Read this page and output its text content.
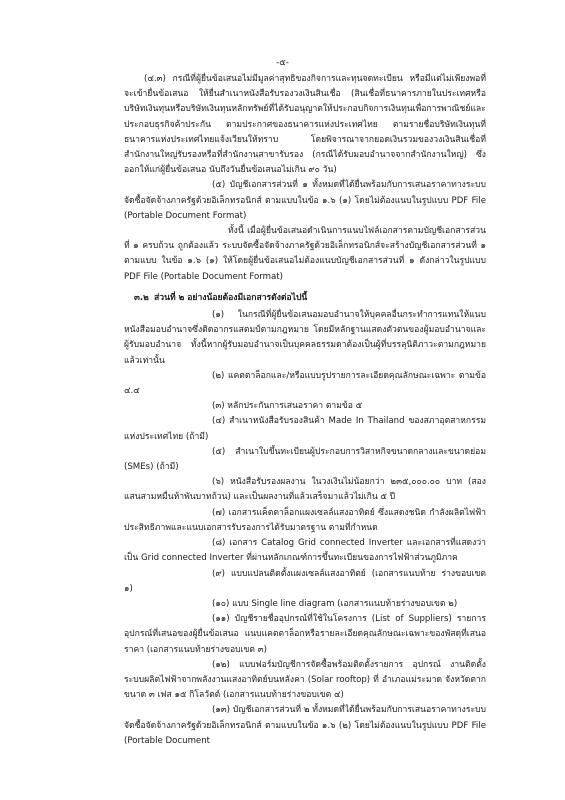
-๕-

(๔.๓) กรณีที่ผู้ยื่นข้อเสนอไม่มีมูลค่าสุทธิของกิจการและทุนจดทะเบียน หรือมีแต่ไม่เพียงพอที่จะเข้ายื่นข้อเสนอ ให้ยื่นสำเนาหนังสือรับรองวงเงินสินเชื่อ (สินเชื่อที่ธนาคารภายในประเทศหรือบริษัทเงินทุนหรือบริษัทเงินทุนหลักทรัพย์ที่ได้รับอนุญาตให้ประกอบกิจการเงินทุนเพื่อการพาณิชย์และประกอบธุรกิจค้าประกัน ตามประกาศของธนาคารแห่งประเทศไทย ตามรายชื่อบริษัทเงินทุนที่ธนาคารแห่งประเทศไทยแจ้งเวียนให้ทราบ โดยพิจารณาจากยอดเงินรวมของวงเงินสินเชื่อที่สำนักงานใหญ่รับรองหรือที่สำนักงานสาขารับรอง (กรณีได้รับมอบอำนาจจากสำนักงานใหญ่) ซึ่งออกให้แก่ผู้ยื่นข้อเสนอ นับถึงวันยื่นข้อเสนอไม่เกิน ๙๐ วัน)

(๕) บัญชีเอกสารส่วนที่ ๑ ทั้งหมดที่ได้ยื่นพร้อมกับการเสนอราคาทางระบบจัดซื้อจัดจ้างภาครัฐด้วยอิเล็กทรอนิกส์ ตามแบบในข้อ ๑.๖ (๑) โดยไม่ต้องแนบในรูปแบบ PDF File (Portable Document Format)

ทั้งนี้ เมื่อผู้ยื่นข้อเสนอดำเนินการแนบไฟล์เอกสารตามบัญชีเอกสารส่วนที่ ๑ ครบถ้วน ถูกต้องแล้ว ระบบจัดซื้อจัดจ้างภาครัฐด้วยอิเล็กทรอนิกส์จะสร้างบัญชีเอกสารส่วนที่ ๑ ตามแบบ ในข้อ ๑.๖ (๑) ให้โดยผู้ยื่นข้อเสนอไม่ต้องแนบบัญชีเอกสารส่วนที่ ๑ ดังกล่าวในรูปแบบ PDF File (Portable Document Format)

๓.๒ ส่วนที่ ๒ อย่างน้อยต้องมีเอกสารดังต่อไปนี้

(๑) ในกรณีที่ผู้ยื่นข้อเสนอมอบอำนาจให้บุคคลอื่นกระทำการแทนให้แนบหนังสือมอบอำนาจซึ่งติดอากรแสตมป์ตามกฎหมาย โดยมีหลักฐานแสดงตัวตนของผู้มอบอำนาจและผู้รับมอบอำนาจ ทั้งนี้หากผู้รับมอบอำนาจเป็นบุคคลธรรมดาต้องเป็นผู้ที่บรรลุนิติภาวะตามกฎหมายแล้วเท่านั้น

(๒) แคตตาล็อกและ/หรือแบบรูปรายการละเอียดคุณลักษณะเฉพาะ ตามข้อ ๔.๔

(๓) หลักประกันการเสนอราคา ตามข้อ ๕

(๔) สำเนาหนังสือรับรองสินค้า Made In Thailand ของสภาอุตสาหกรรมแห่งประเทศไทย (ถ้ามี)

(๕) สำเนาใบขึ้นทะเบียนผู้ประกอบการวิสาหกิจขนาดกลางและขนาดย่อม (SMEs) (ถ้ามี)

(๖) หนังสือรับรองผลงาน ในวงเงินไม่น้อยกว่า ๒๓๕,๐๐๐.๐๐ บาท (สองแสนสามหมื่นห้าพันบาทถ้วน) และเป็นผลงานที่แล้วเสร็จมาแล้วไม่เกิน ๕ ปี

(๗) เอกสารแค็ตตาล็อกแผงเซลล์แสงอาทิตย์ ซึ่งแสดงชนิด กำลังผลิตไฟฟ้าประสิทธิภาพและแนบเอกสารรับรองการได้รับมาตรฐาน ตามที่กำหนด

(๘) เอกสาร Catalog Grid connected Inverter และเอกสารที่แสดงว่าเป็น Grid connected Inverter ที่ผ่านหลักเกณฑ์การขึ้นทะเบียนของการไฟฟ้าส่วนภูมิภาค

(๙) แบบแปลนติดตั้งแผงเซลล์แสงอาทิตย์ (เอกสารแนบท้าย ร่างขอบเขต ๑)

(๑๐) แบบ Single line diagram (เอกสารแนบท้ายร่างขอบเขต ๒)

(๑๑) บัญชีรายชื่ออุปกรณ์ที่ใช้ในโครงการ (List of Suppliers) รายการอุปกรณ์ที่เสนอของผู้ยื่นข้อเสนอ แนบแคตตาล็อกหรือรายละเอียดคุณลักษณะเฉพาะของพัสดุที่เสนอราคา (เอกสารแนบท้ายร่างขอบเขต ๓)

(๑๒) แบบฟอร์มบัญชีการจัดซื้อพร้อมติดตั้งรายการ อุปกรณ์ งานติดตั้งระบบผลิตไฟฟ้าจากพลังงานแสงอาทิตย์บนหลังคา (Solar rooftop) ที่ อำเภอแม่ระมาด จังหวัดตาก ขนาด ๓ เฟส ๑๕ กิโลวัตต์ (เอกสารแนบท้ายร่างขอบเขต ๔)

(๑๓) บัญชีเอกสารส่วนที่ ๒ ทั้งหมดที่ได้ยื่นพร้อมกับการเสนอราคาทางระบบจัดซื้อจัดจ้างภาครัฐด้วยอิเล็กทรอนิกส์ ตามแบบในข้อ ๑.๖ (๒) โดยไม่ต้องแนบในรูปแบบ PDF File (Portable Document
